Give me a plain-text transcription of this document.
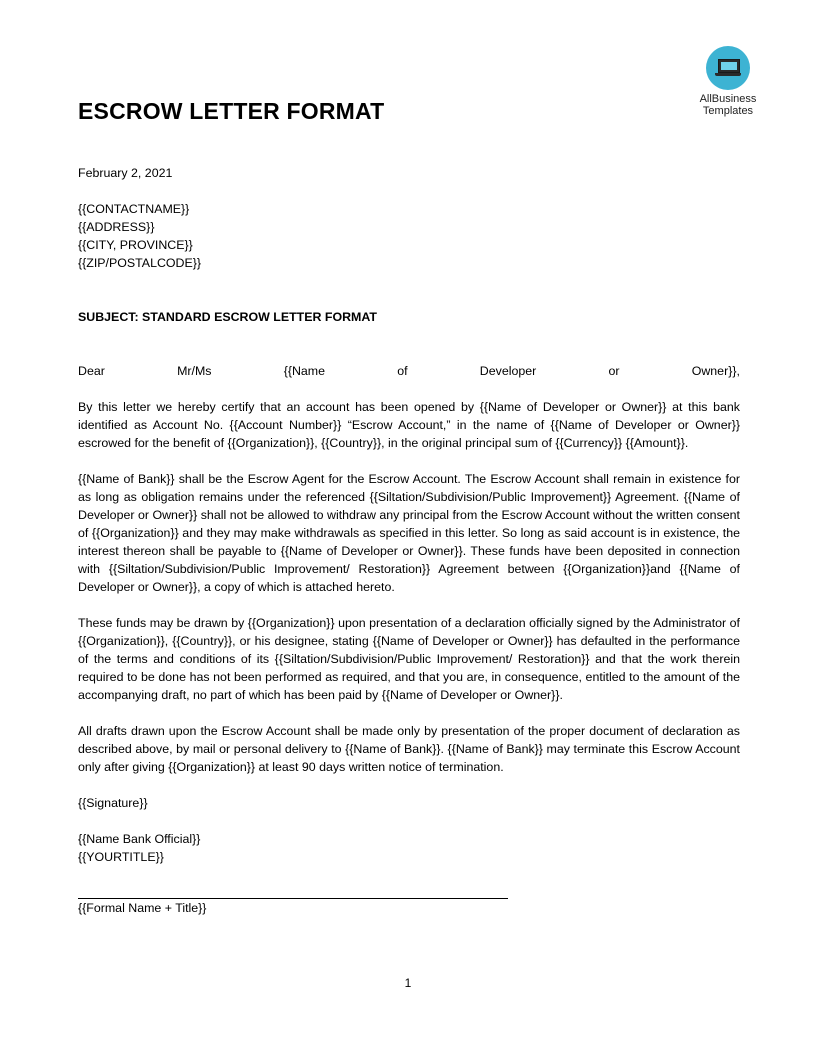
AllBusiness
Templates
ESCROW LETTER FORMAT

February 2, 2021

{{CONTACTNAME}}

{{ADDRESS}}

{{CITY, PROVINCE}}

{{ZIP/POSTALCODE}}

SUBJECT: STANDARD ESCROW LETTER FORMAT

Dear	Mr/Ms	{{Name	of	Developer	or	Owner}},

By this letter we hereby certify that an account has been opened by {{Name of Developer or Owner}} at this bank identified as Account No. {{Account Number}} “Escrow Account,” in the name of {{Name of Developer or Owner}} escrowed for the benefit of {{Organization}}, {{Country}}, in the original principal sum of {{Currency}} {{Amount}}.

{{Name of Bank}} shall be the Escrow Agent for the Escrow Account. The Escrow Account shall remain in existence for as long as obligation remains under the referenced {{Siltation/Subdivision/Public Improvement}} Agreement. {{Name of Developer or Owner}} shall not be allowed to withdraw any principal from the Escrow Account without the written consent of {{Organization}} and they may make withdrawals as specified in this letter. So long as said account is in existence, the interest thereon shall be payable to {{Name of Developer or Owner}}. These funds have been deposited in connection with {{Siltation/Subdivision/Public Improvement/ Restoration}} Agreement between {{Organization}}and {{Name of Developer or Owner}}, a copy of which is attached hereto.

These funds may be drawn by {{Organization}} upon presentation of a declaration officially signed by the Administrator of {{Organization}}, {{Country}}, or his designee, stating {{Name of Developer or Owner}} has defaulted in the performance of the terms and conditions of its {{Siltation/Subdivision/Public Improvement/ Restoration}} and that the work therein required to be done has not been performed as required, and that you are, in consequence, entitled to the amount of the accompanying draft, no part of which has been paid by {{Name of Developer or Owner}}.

All drafts drawn upon the Escrow Account shall be made only by presentation of the proper document of declaration as described above, by mail or personal delivery to {{Name of Bank}}. {{Name of Bank}} may terminate this Escrow Account only after giving {{Organization}} at least 90 days written notice of termination.

{{Signature}}

{{Name Bank Official}}

{{YOURTITLE}}

{{Formal Name + Title}}

1
